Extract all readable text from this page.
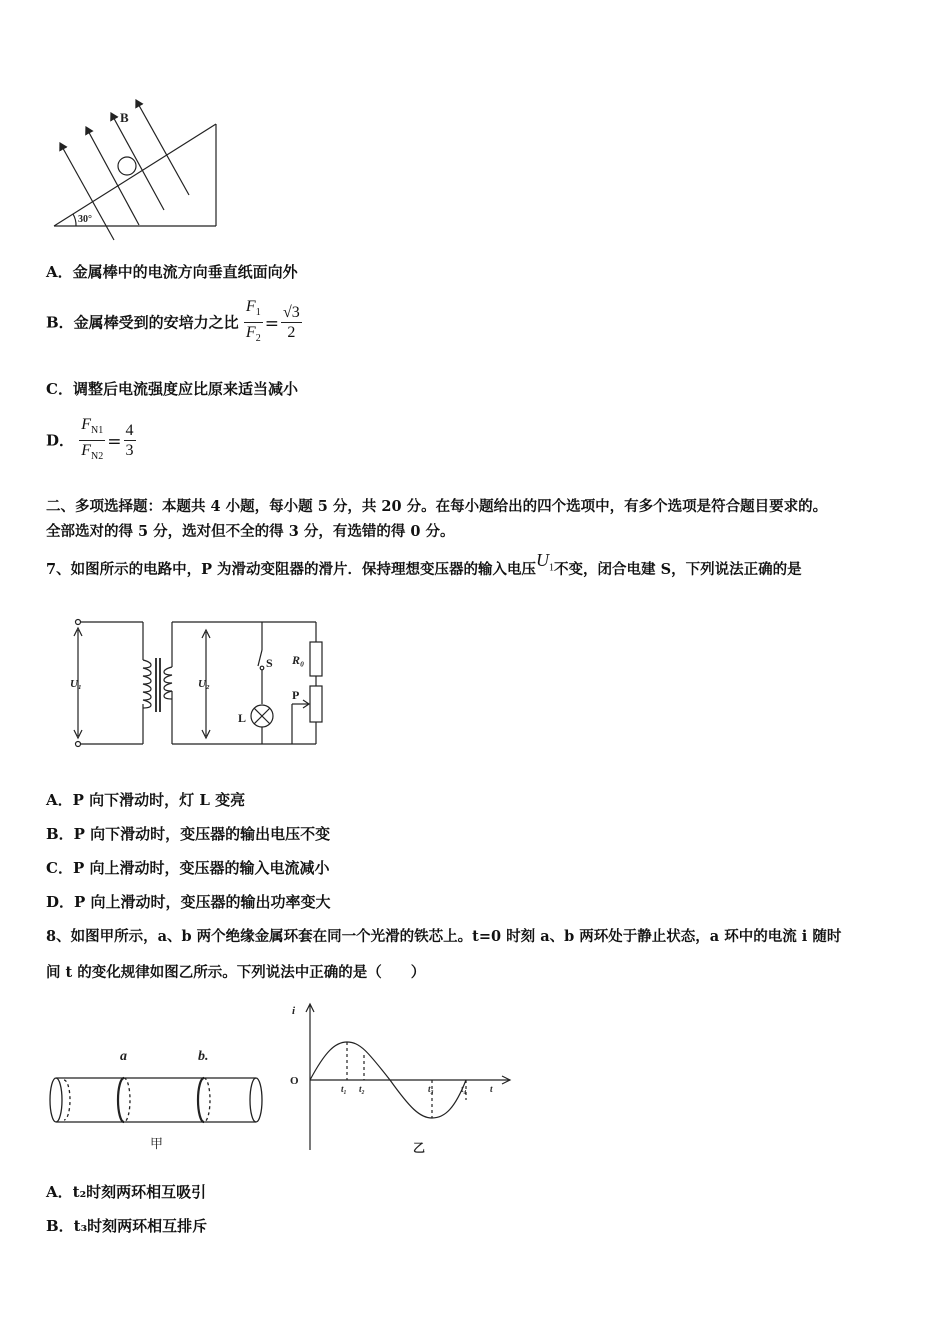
B
30°
A．金属棒中的电流方向垂直纸面向外
B．金属棒受到的安培力之比 $\frac{F_1}{F_2} = \frac{√3}{2}$
C．调整后电流强度应比原来适当减小
D． $\frac{F_{N1}}{F_{N2}} = \frac{4}{3}$
二、多项选择题：本题共 4 小题，每小题 5 分，共 20 分。在每小题给出的四个选项中，有多个选项是符合题目要求的。
全部选对的得 5 分，选对但不全的得 3 分，有选错的得 0 分。
7、如图所示的电路中，P 为滑动变阻器的滑片．保持理想变压器的输入电压$U_1$不变，闭合电建 S，下列说法正确的是
U₁	U₂
S R₀
P
L
A．P 向下滑动时，灯 L 变亮
B．P 向下滑动时，变压器的输出电压不变
C．P 向上滑动时，变压器的输入电流减小
D．P 向上滑动时，变压器的输出功率变大
8、如图甲所示，a、b 两个绝缘金属环套在同一个光滑的铁芯上。t=0 时刻 a、b 两环处于静止状态，a 环中的电流 i 随时
间 t 的变化规律如图乙所示。下列说法中正确的是（　　）
a	b.
甲
i
O
t
t₁ t₂	t₃	t₄
乙
A．t₂时刻两环相互吸引
B．t₃时刻两环相互排斥
